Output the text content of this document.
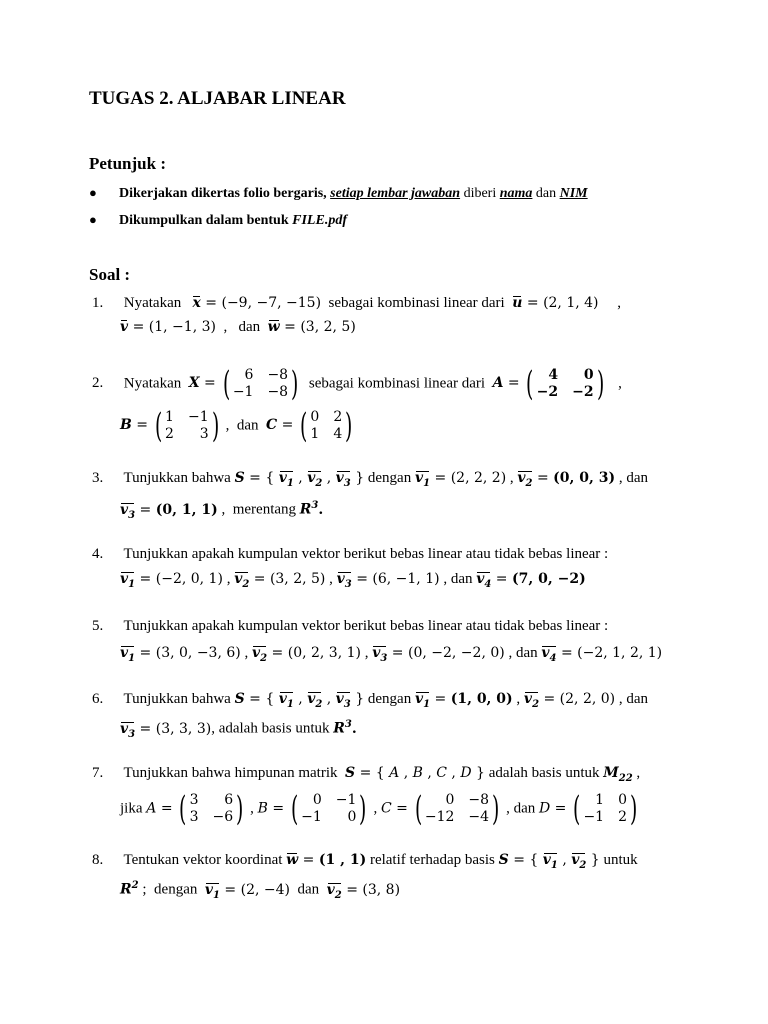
TUGAS 2. ALJABAR LINEAR
Petunjuk :
● Dikerjakan dikertas folio bergaris, setiap lembar jawaban diberi nama dan NIM
● Dikumpulkan dalam bentuk FILE.pdf
Soal :
1. Nyatakan x = (−9, −7, −15) sebagai kombinasi linear dari u = (2, 1, 4)     ,
v = (1, −1, 3)  ,   dan w = (3, 2, 5)
2. Nyatakan X = (	6 −8
−1 −8 ) sebagai kombinasi linear dari A = (	4	0
−2 −2 ) ,
B = ( 1 −1
2	3 ) ,  dan C = ( 0 2
1 4 )
3. Tunjukkan bahwa S = { $v_1$ , $v_2$ , $v_3$ } dengan $v_1 = (2$, 2, 2) , $v_2 = (0$, 0, 3) , dan
$v_3 = (0$, 1, 1) ,  merentang $R^3$.
4. Tunjukkan apakah kumpulan vektor berikut bebas linear atau tidak bebas linear :
$v_1 = (-2$, 0, 1) , $v_2 = (3$, 2, 5) , $v_3 = (6$, −1, 1) , dan $v_4 = (7$, 0, −2)
5. Tunjukkan apakah kumpulan vektor berikut bebas linear atau tidak bebas linear :
$v_1 = (3$, 0, −3, 6) , $v_2 = (0$, 2, 3, 1) , $v_3 = (0$, −2, −2, 0) , dan $v_4 = (-2$, 1, 2, 1)
6. Tunjukkan bahwa S = { $v_1$ , $v_2$ , $v_3$ } dengan $v_1 = (1$, 0, 0) , $v_2 = (2$, 2, 0) , dan
$v_3 = (3$, 3, 3), adalah basis untuk $R^3$.
7. Tunjukkan bahwa himpunan matrik S = { A , B , C , D } adalah basis untuk $M_{22}$ ,
jika A = ( 3	6
3 −6 ) , B = (	0 −1
−1	0 ) , C = (	0 −8
−12 −4 ) , dan D = (	1 0
−1 2 )
8. Tentukan vektor koordinat w = (1 , 1) relatif terhadap basis S = { $v_1$ , $v_2$ } untuk
$R^2$ ;  dengan $v_1 = (2$, −4) dan $v_2 = (3$, 8)
